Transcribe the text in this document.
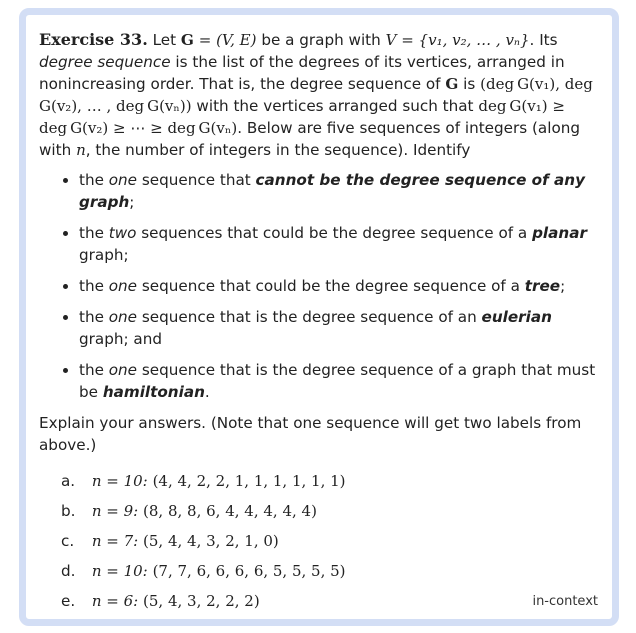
Exercise 33. Let G = (V, E) be a graph with V = {v₁, v₂, … , vₙ}. Its degree sequence is the list of the degrees of its vertices, arranged in nonincreasing order. That is, the degree sequence of G is (deg G(v₁), deg G(v₂), … , deg G(vₙ)) with the vertices arranged such that deg G(v₁) ≥ deg G(v₂) ≥ ⋯ ≥ deg G(vₙ). Below are five sequences of integers (along with n, the number of integers in the sequence). Identify

• the one sequence that cannot be the degree sequence of any graph;
• the two sequences that could be the degree sequence of a planar graph;
• the one sequence that could be the degree sequence of a tree;
• the one sequence that is the degree sequence of an eulerian graph; and
• the one sequence that is the degree sequence of a graph that must be hamiltonian.

Explain your answers. (Note that one sequence will get two labels from above.)

a. n = 10: (4, 4, 2, 2, 1, 1, 1, 1, 1, 1)
b. n = 9: (8, 8, 8, 6, 4, 4, 4, 4, 4)
c. n = 7: (5, 4, 4, 3, 2, 1, 0)
d. n = 10: (7, 7, 6, 6, 6, 6, 5, 5, 5, 5)
e. n = 6: (5, 4, 3, 2, 2, 2)	in-context
